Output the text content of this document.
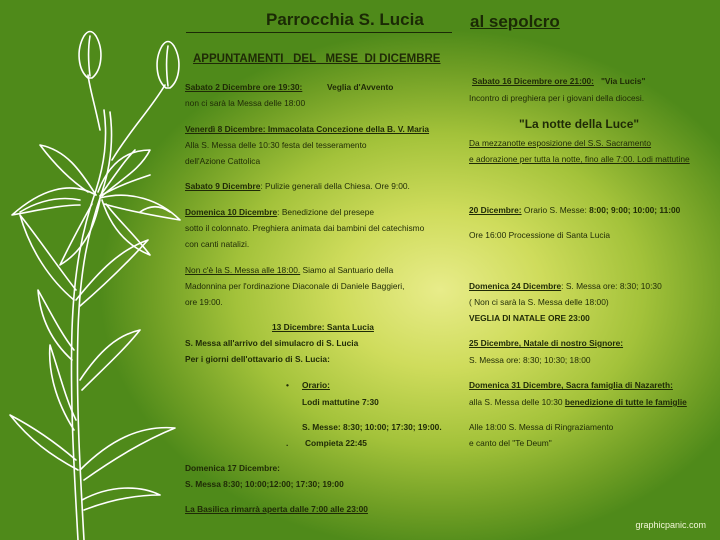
Parrocchia S. Lucia	al sepolcro
APPUNTAMENTI   DEL   MESE  DI DICEMBRE
Sabato 2 Dicembre ore 19:30:	Veglia d'Avvento
non ci sarà la Messa delle 18:00
Venerdì 8 Dicembre: Immacolata Concezione della B. V. Maria
Alla S. Messa delle 10:30 festa del tesseramento
dell'Azione Cattolica
Sabato 9 Dicembre: Pulizie generali della Chiesa. Ore 9:00.
Domenica 10 Dicembre: Benedizione del presepe
sotto il colonnato. Preghiera animata dai bambini del catechismo
con canti natalizi.
Non c'è la S. Messa alle 18:00. Siamo al Santuario della
Madonnina per l'ordinazione Diaconale di Daniele Baggieri,
ore 19:00.
13 Dicembre: Santa Lucia
S. Messa all'arrivo del simulacro di S. Lucia
Per i giorni dell'ottavario di S. Lucia:
• Orario:
Lodi mattutine 7:30
S. Messe: 8:30; 10:00; 17:30; 19:00.
. Compieta 22:45
Domenica 17 Dicembre:
S. Messa 8:30; 10:00;12:00; 17:30; 19:00
La Basilica rimarrà aperta dalle 7:00 alle 23:00
Sabato 16 Dicembre ore 21:00: "Via Lucis"
Incontro di preghiera per i giovani della diocesi.
"La notte della Luce"
Da mezzanotte esposizione del S.S. Sacramento
e adorazione per tutta la notte, fino alle 7:00. Lodi mattutine
20 Dicembre: Orario S. Messe: 8:00; 9:00; 10:00; 11:00
Ore 16:00 Processione di Santa Lucia
Domenica 24 Dicembre: S. Messa ore: 8:30; 10:30
( Non ci sarà la S. Messa delle 18:00)
VEGLIA DI NATALE ORE 23:00
25 Dicembre, Natale di nostro Signore:
S. Messa ore: 8:30; 10:30; 18:00
Domenica 31 Dicembre, Sacra famiglia di Nazareth:
alla S. Messa delle 10:30 benedizione di tutte le famiglie
Alle 18:00 S. Messa di Ringraziamento
e canto del "Te Deum"
graphicpanic.com
